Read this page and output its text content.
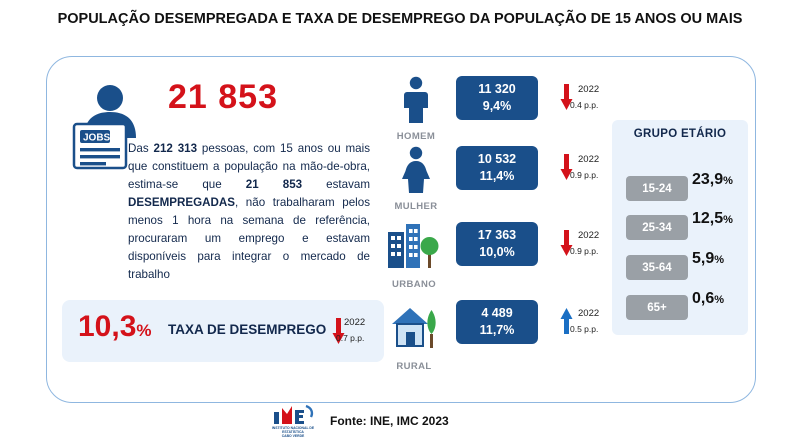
POPULAÇÃO DESEMPREGADA E TAXA DE DESEMPREGO DA POPULAÇÃO DE 15 ANOS OU MAIS
JOBS
21 853
Das 212 313 pessoas, com 15 anos ou mais que constituem a população na mão-de-obra, estima-se que 21 853 estavam DESEMPREGADAS, não trabalharam pelos menos 1 hora na semana de referência, procuraram um emprego e estavam disponíveis para integrar o mercado de trabalho
10,3% TAXA DE DESEMPREGO 2022
0.7 p.p.
HOMEM
11 320
9,4%
2022
0.4 p.p.
MULHER
10 532
11,4%
2022
0.9 p.p.
URBANO
17 363
10,0%
2022
0.9 p.p.
RURAL
4 489
11,7%
2022
0.5 p.p.
GRUPO ETÁRIO
15-24
23,9%
25-34
12,5%
35-64
5,9%
65+
0,6%
INSTITUTO NACIONAL DE ESTATÍSTICA
CABO VERDE
Fonte: INE, IMC 2023
